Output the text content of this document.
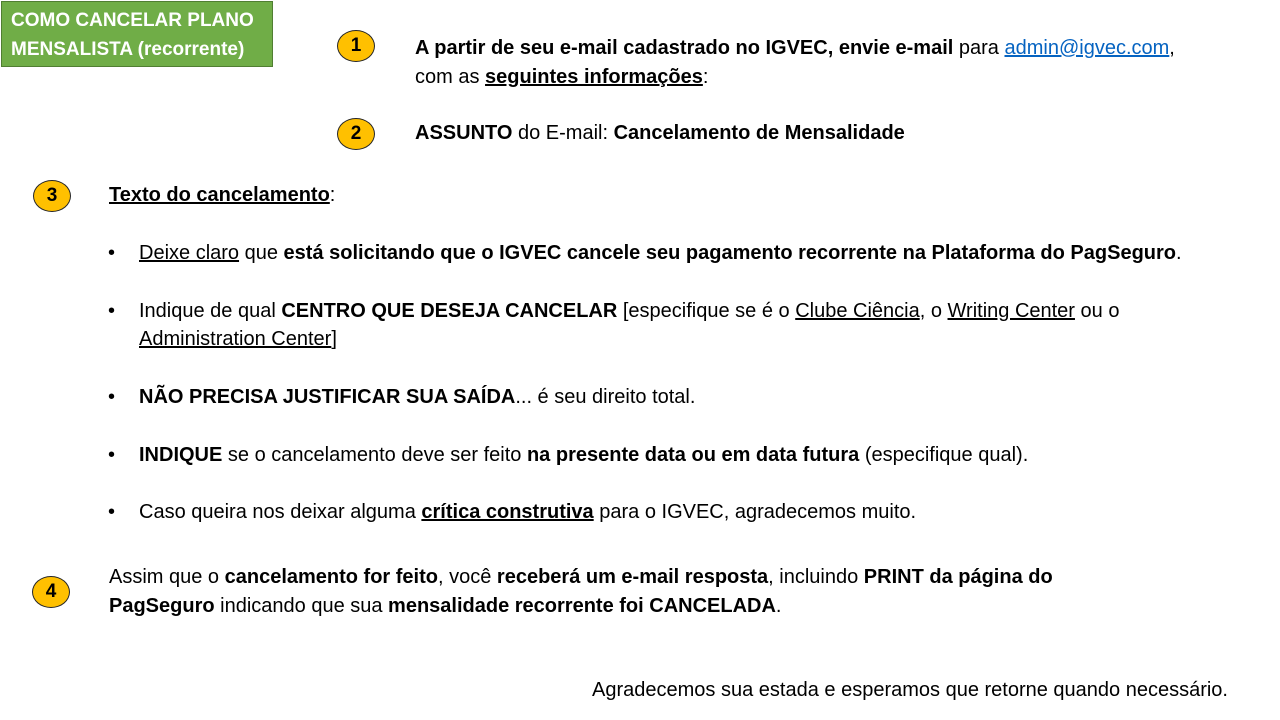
COMO CANCELAR PLANO
MENSALISTA (recorrente)	1	A partir de seu e-mail cadastrado no IGVEC, envie e-mail para admin@igvec.com,
com as seguintes informações:
2	ASSUNTO do E-mail: Cancelamento de Mensalidade
3	Texto do cancelamento:
• Deixe claro que está solicitando que o IGVEC cancele seu pagamento recorrente na Plataforma do PagSeguro.
• Indique de qual CENTRO QUE DESEJA CANCELAR [especifique se é o Clube Ciência, o Writing Center ou o
Administration Center]
• NÃO PRECISA JUSTIFICAR SUA SAÍDA... é seu direito total.
• INDIQUE se o cancelamento deve ser feito na presente data ou em data futura (especifique qual).
• Caso queira nos deixar alguma crítica construtiva para o IGVEC, agradecemos muito.
4
Assim que o cancelamento for feito, você receberá um e-mail resposta, incluindo PRINT da página do
PagSeguro indicando que sua mensalidade recorrente foi CANCELADA.
Agradecemos sua estada e esperamos que retorne quando necessário.
